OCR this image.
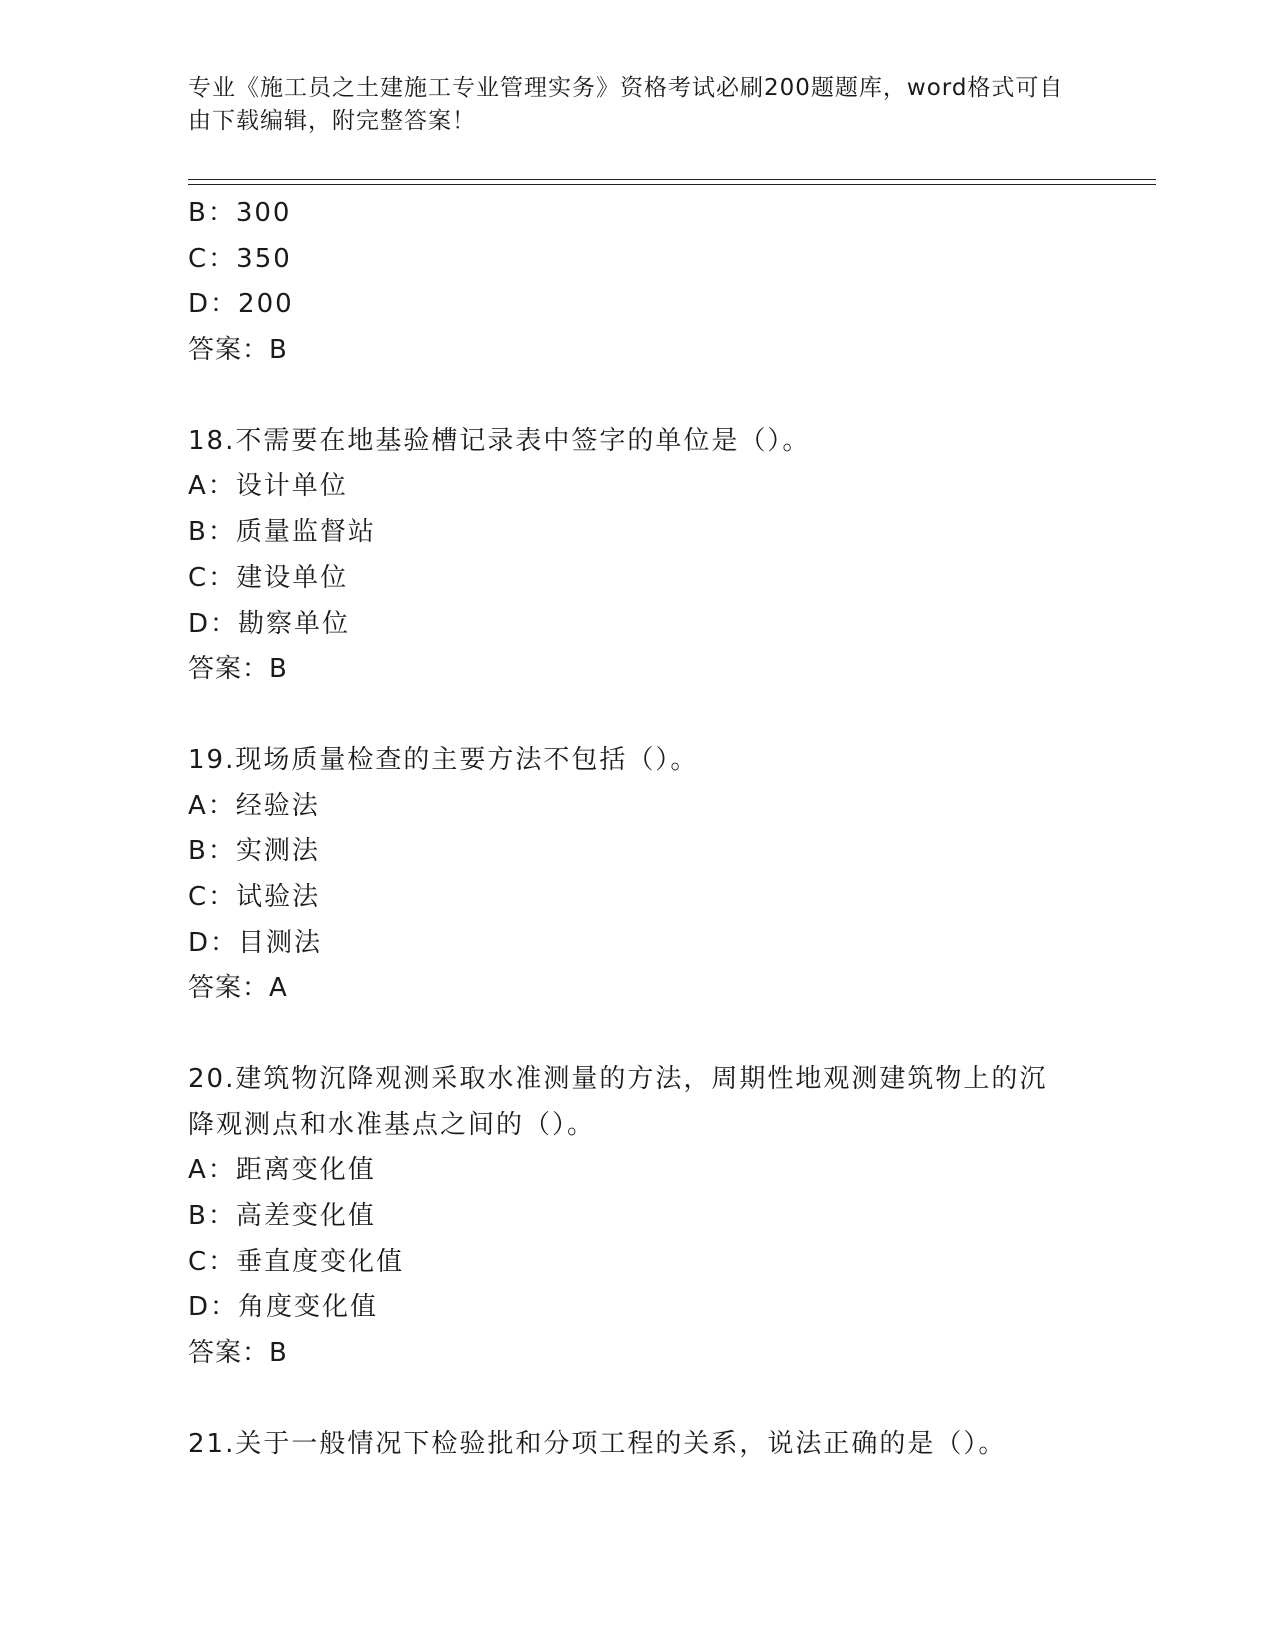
专业《施工员之土建施工专业管理实务》资格考试必刷200题题库，word格式可自由下载编辑，附完整答案！
B：300
C：350
D：200
答案：B
18.不需要在地基验槽记录表中签字的单位是（）。
A：设计单位
B：质量监督站
C：建设单位
D：勘察单位
答案：B
19.现场质量检查的主要方法不包括（）。
A：经验法
B：实测法
C：试验法
D：目测法
答案：A
20.建筑物沉降观测采取水准测量的方法，周期性地观测建筑物上的沉降观测点和水准基点之间的（）。
A：距离变化值
B：高差变化值
C：垂直度变化值
D：角度变化值
答案：B
21.关于一般情况下检验批和分项工程的关系，说法正确的是（）。
